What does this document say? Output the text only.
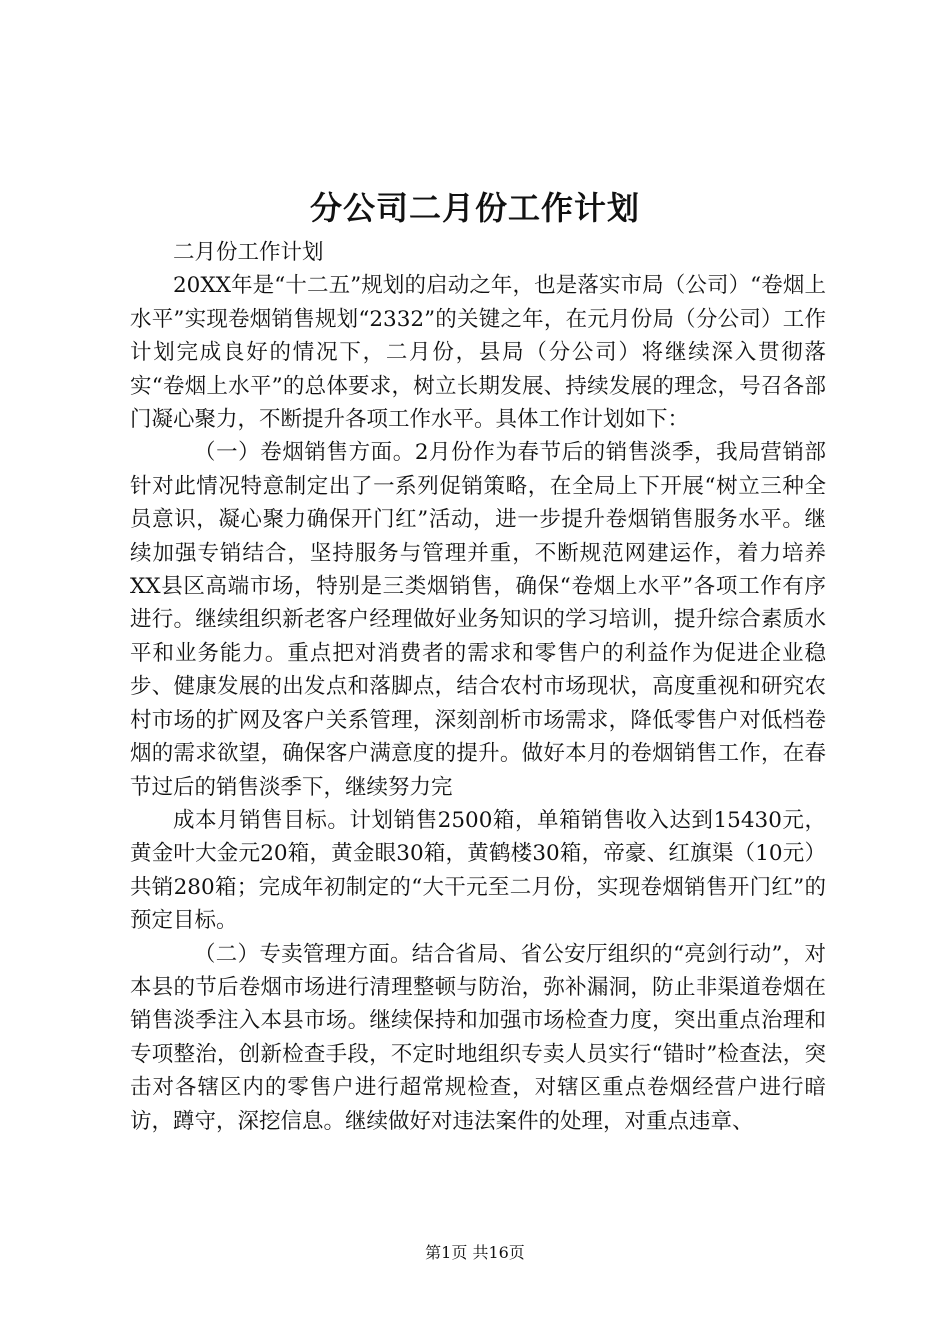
分公司二月份工作计划

二月份工作计划

20XX年是“十二五”规划的启动之年，也是落实市局（公司）“卷烟上水平”实现卷烟销售规划“2332”的关键之年，在元月份局（分公司）工作计划完成良好的情况下，二月份，县局（分公司）将继续深入贯彻落实“卷烟上水平”的总体要求，树立长期发展、持续发展的理念，号召各部门凝心聚力，不断提升各项工作水平。具体工作计划如下：

（一）卷烟销售方面。2月份作为春节后的销售淡季，我局营销部针对此情况特意制定出了一系列促销策略，在全局上下开展“树立三种全员意识，凝心聚力确保开门红”活动，进一步提升卷烟销售服务水平。继续加强专销结合，坚持服务与管理并重，不断规范网建运作，着力培养XX县区高端市场，特别是三类烟销售，确保“卷烟上水平”各项工作有序进行。继续组织新老客户经理做好业务知识的学习培训，提升综合素质水平和业务能力。重点把对消费者的需求和零售户的利益作为促进企业稳步、健康发展的出发点和落脚点，结合农村市场现状，高度重视和研究农村市场的扩网及客户关系管理，深刻剖析市场需求，降低零售户对低档卷烟的需求欲望，确保客户满意度的提升。做好本月的卷烟销售工作，在春节过后的销售淡季下，继续努力完

成本月销售目标。计划销售2500箱，单箱销售收入达到15430元，黄金叶大金元20箱，黄金眼30箱，黄鹤楼30箱，帝豪、红旗渠（10元）共销280箱；完成年初制定的“大干元至二月份，实现卷烟销售开门红”的预定目标。

（二）专卖管理方面。结合省局、省公安厅组织的“亮剑行动”，对本县的节后卷烟市场进行清理整顿与防治，弥补漏洞，防止非渠道卷烟在销售淡季注入本县市场。继续保持和加强市场检查力度，突出重点治理和专项整治，创新检查手段，不定时地组织专卖人员实行“错时”检查法，突击对各辖区内的零售户进行超常规检查，对辖区重点卷烟经营户进行暗访，蹲守，深挖信息。继续做好对违法案件的处理，对重点违章、

第1页 共16页
